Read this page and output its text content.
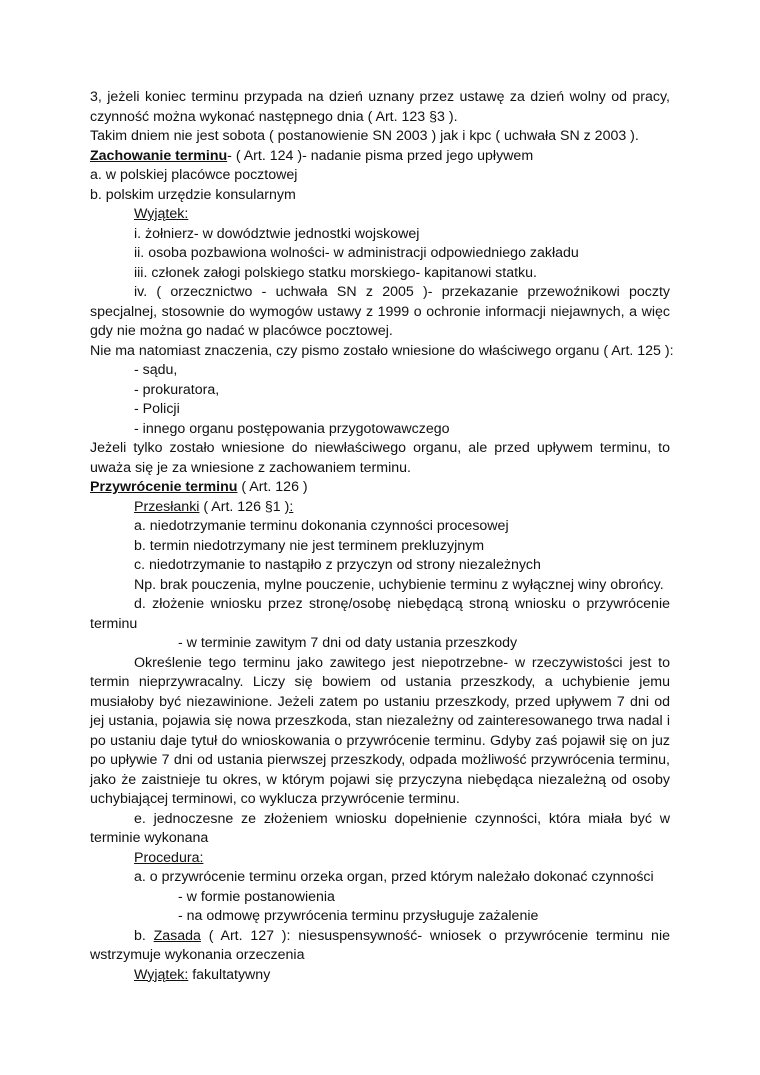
3, jeżeli koniec terminu przypada na dzień uznany przez ustawę za dzień wolny od pracy, czynność można wykonać następnego dnia ( Art. 123 §3 ).
Takim dniem nie jest sobota ( postanowienie SN 2003 ) jak i kpc ( uchwała SN z 2003 ).
Zachowanie terminu- ( Art. 124 )- nadanie pisma przed jego upływem
a. w polskiej placówce pocztowej
b. polskim urzędzie konsularnym
Wyjątek:
i. żołnierz- w dowództwie jednostki wojskowej
ii. osoba pozbawiona wolności- w administracji odpowiedniego zakładu
iii. członek załogi polskiego statku morskiego- kapitanowi statku.
iv. ( orzecznictwo - uchwała SN z 2005 )- przekazanie przewoźnikowi poczty specjalnej, stosownie do wymogów ustawy z 1999 o ochronie informacji niejawnych, a więc gdy nie można go nadać w placówce pocztowej.
Nie ma natomiast znaczenia, czy pismo zostało wniesione do właściwego organu ( Art. 125 ):
- sądu,
- prokuratora,
- Policji
- innego organu postępowania przygotowawczego
Jeżeli tylko zostało wniesione do niewłaściwego organu, ale przed upływem terminu, to uważa się je za wniesione z zachowaniem terminu.
Przywrócenie terminu ( Art. 126 )
Przesłanki ( Art. 126 §1 ):
a. niedotrzymanie terminu dokonania czynności procesowej
b. termin niedotrzymany nie jest terminem prekluzyjnym
c. niedotrzymanie to nastąpiło z przyczyn od strony niezależnych
Np. brak pouczenia, mylne pouczenie, uchybienie terminu z wyłącznej winy obrońcy.
d. złożenie wniosku przez stronę/osobę niebędącą stroną wniosku o przywrócenie terminu
- w terminie zawitym 7 dni od daty ustania przeszkody
Określenie tego terminu jako zawitego jest niepotrzebne- w rzeczywistości jest to termin nieprzywracalny. Liczy się bowiem od ustania przeszkody, a uchybienie jemu musiałoby być niezawinione. Jeżeli zatem po ustaniu przeszkody, przed upływem 7 dni od jej ustania, pojawia się nowa przeszkoda, stan niezależny od zainteresowanego trwa nadal i po ustaniu daje tytuł do wnioskowania o przywrócenie terminu. Gdyby zaś pojawił się on juz po upływie 7 dni od ustania pierwszej przeszkody, odpada możliwość przywrócenia terminu, jako że zaistnieje tu okres, w którym pojawi się przyczyna niebędąca niezależną od osoby uchybiającej terminowi, co wyklucza przywrócenie terminu.
e. jednoczesne ze złożeniem wniosku dopełnienie czynności, która miała być w terminie wykonana
Procedura:
a. o przywrócenie terminu orzeka organ, przed którym należało dokonać czynności
- w formie postanowienia
- na odmowę przywrócenia terminu przysługuje zażalenie
b. Zasada ( Art. 127 ): niesuspensywność- wniosek o przywrócenie terminu nie wstrzymuje wykonania orzeczenia
Wyjątek: fakultatywny
